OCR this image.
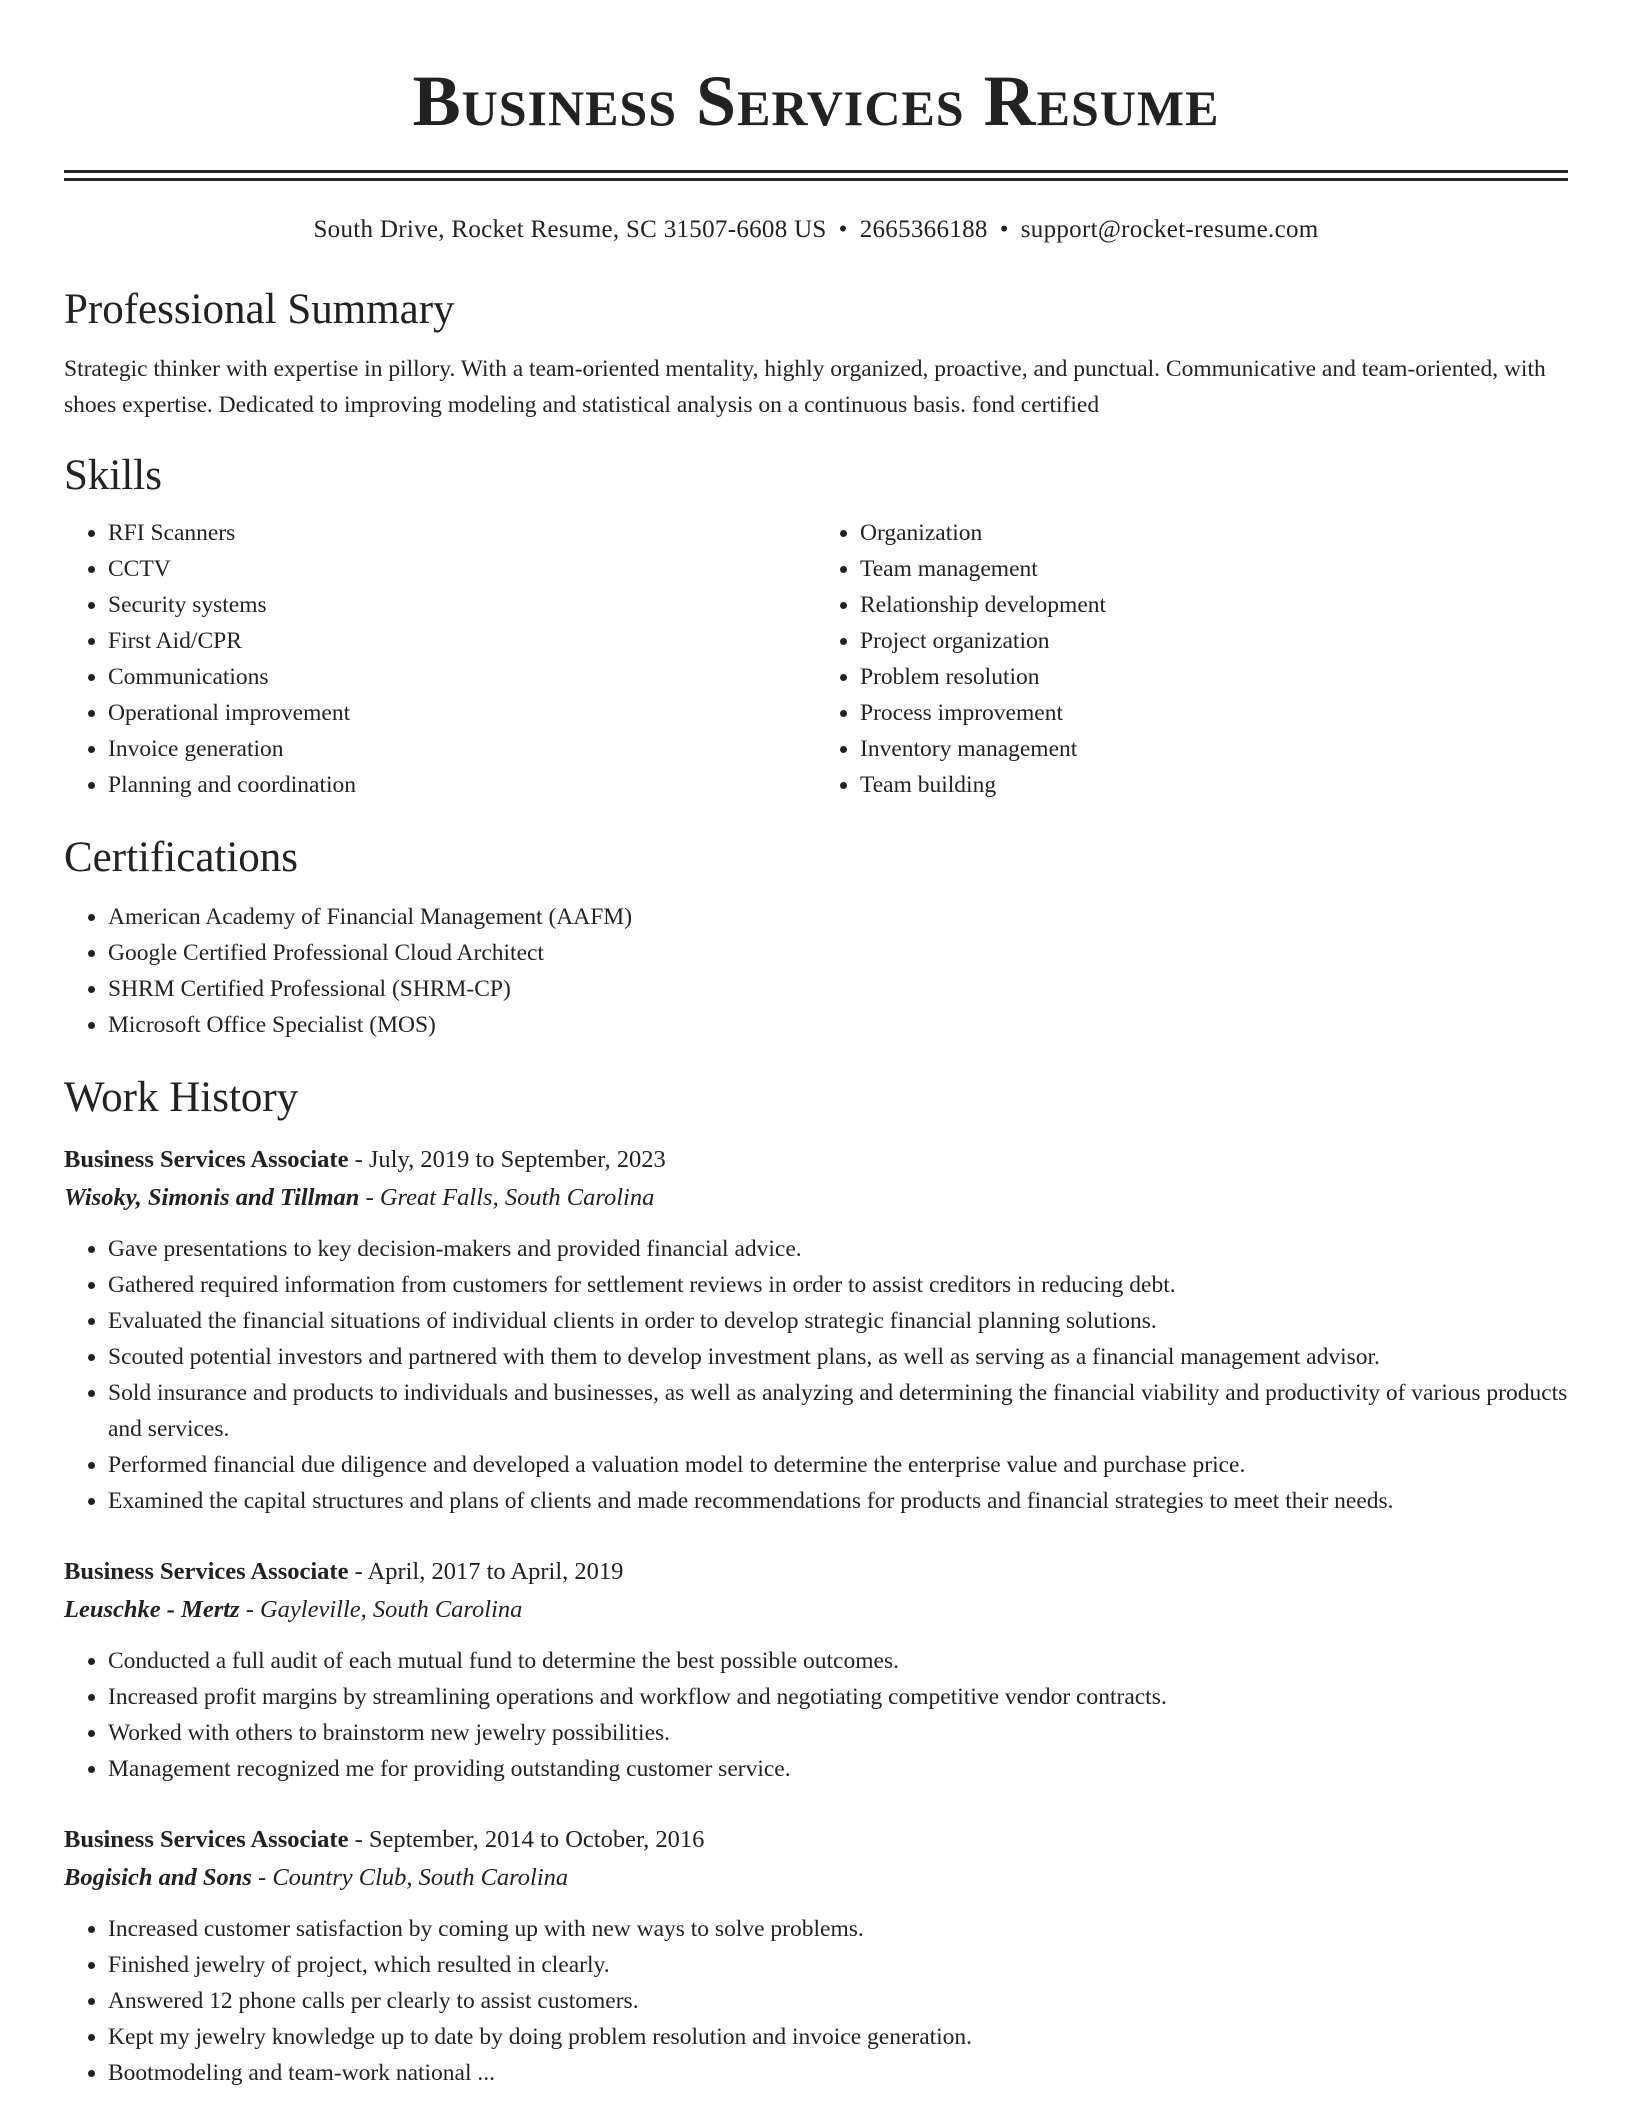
Business Services Resume
South Drive, Rocket Resume, SC 31507-6608 US • 2665366188 • support@rocket-resume.com
Professional Summary

Strategic thinker with expertise in pillory. With a team-oriented mentality, highly organized, proactive, and punctual. Communicative and team-oriented, with shoes expertise. Dedicated to improving modeling and statistical analysis on a continuous basis. fond certified

Skills
• RFI Scanners
• CCTV
• Security systems
• First Aid/CPR
• Communications
• Operational improvement
• Invoice generation
• Planning and coordination
• Organization
• Team management
• Relationship development
• Project organization
• Problem resolution
• Process improvement
• Inventory management
• Team building
Certifications
• American Academy of Financial Management (AAFM)
• Google Certified Professional Cloud Architect
• SHRM Certified Professional (SHRM-CP)
• Microsoft Office Specialist (MOS)
Work History
Business Services Associate - July, 2019 to September, 2023
Wisoky, Simonis and Tillman - Great Falls, South Carolina
• Gave presentations to key decision-makers and provided financial advice.
• Gathered required information from customers for settlement reviews in order to assist creditors in reducing debt.
• Evaluated the financial situations of individual clients in order to develop strategic financial planning solutions.
• Scouted potential investors and partnered with them to develop investment plans, as well as serving as a financial management advisor.
• Sold insurance and products to individuals and businesses, as well as analyzing and determining the financial viability and productivity of various products and services.
• Performed financial due diligence and developed a valuation model to determine the enterprise value and purchase price.
• Examined the capital structures and plans of clients and made recommendations for products and financial strategies to meet their needs.
Business Services Associate - April, 2017 to April, 2019
Leuschke - Mertz - Gayleville, South Carolina
• Conducted a full audit of each mutual fund to determine the best possible outcomes.
• Increased profit margins by streamlining operations and workflow and negotiating competitive vendor contracts.
• Worked with others to brainstorm new jewelry possibilities.
• Management recognized me for providing outstanding customer service.
Business Services Associate - September, 2014 to October, 2016
Bogisich and Sons - Country Club, South Carolina
• Increased customer satisfaction by coming up with new ways to solve problems.
• Finished jewelry of project, which resulted in clearly.
• Answered 12 phone calls per clearly to assist customers.
• Kept my jewelry knowledge up to date by doing problem resolution and invoice generation.
• Bootmodeling and team-work national ...
